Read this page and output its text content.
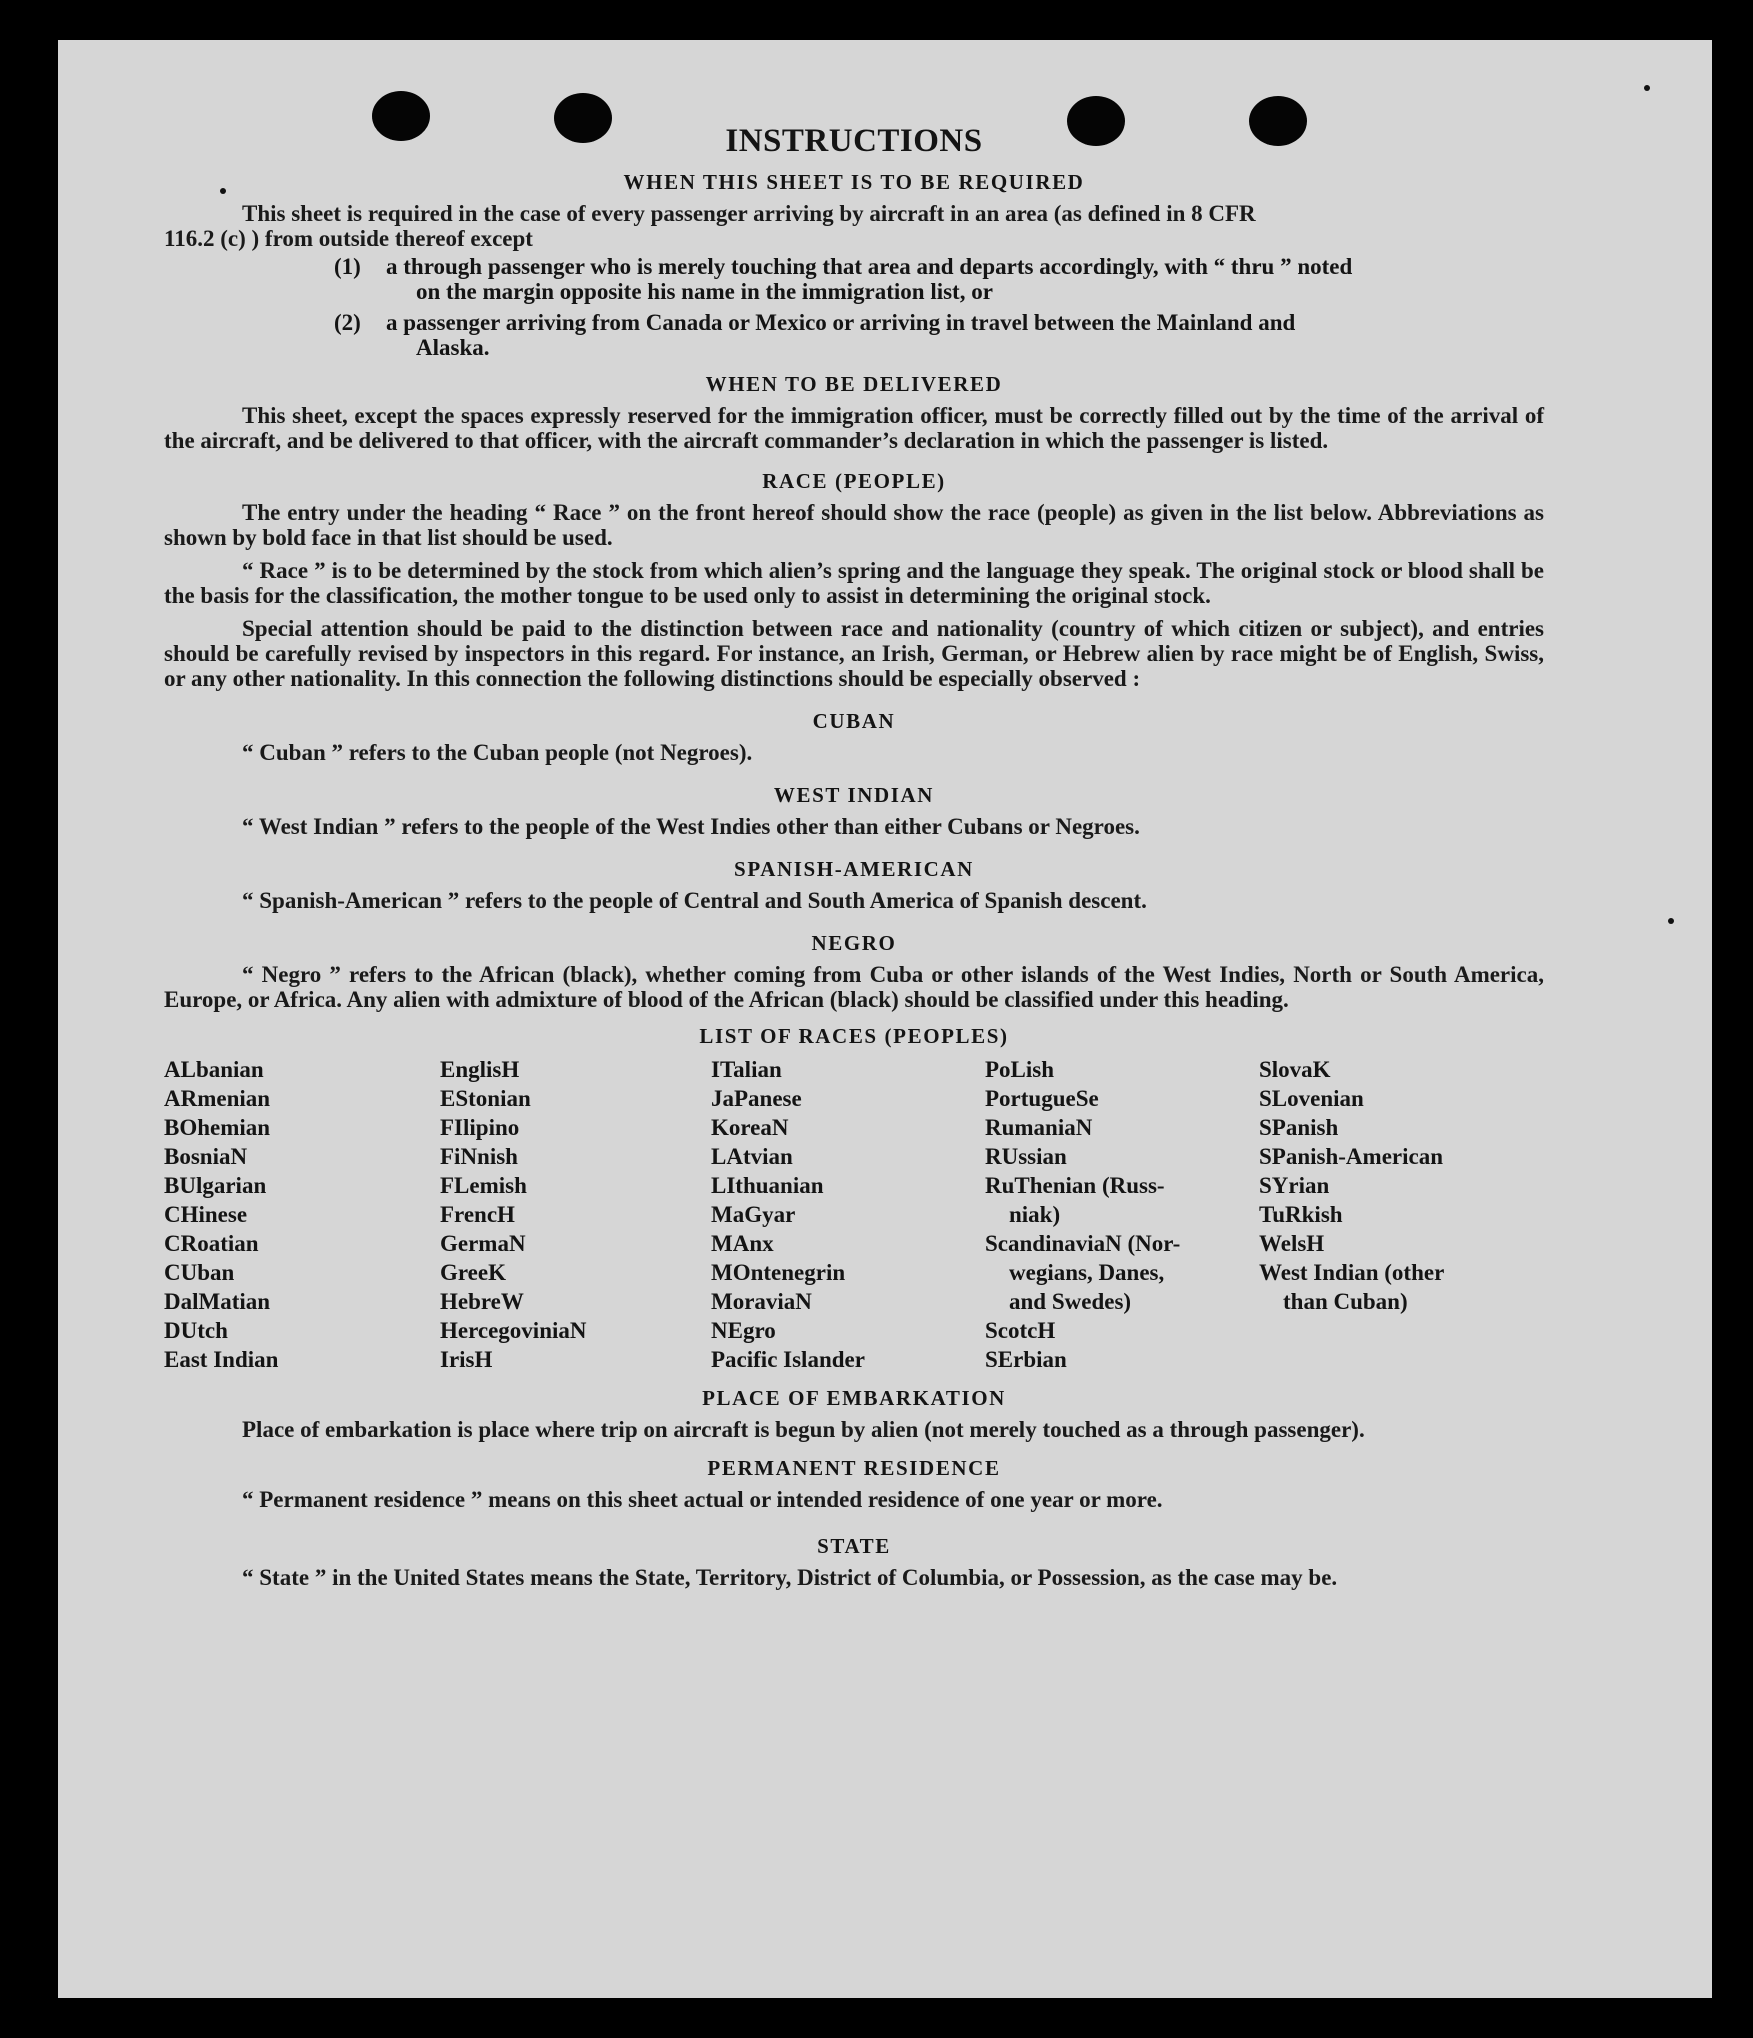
INSTRUCTIONS
WHEN THIS SHEET IS TO BE REQUIRED

This sheet is required in the case of every passenger arriving by aircraft in an area (as defined in 8 CFR

116.2 (c) ) from outside thereof except

(1)	a through passenger who is merely touching that area and departs accordingly, with “ thru ” noted
on the margin opposite his name in the immigration list, or
(2)	a passenger arriving from Canada or Mexico or arriving in travel between the Mainland and
Alaska.
WHEN TO BE DELIVERED

This sheet, except the spaces expressly reserved for the immigration officer, must be correctly filled out by the time of the arrival of the aircraft, and be delivered to that officer, with the aircraft commander’s declaration in which the passenger is listed.

RACE (PEOPLE)

The entry under the heading “ Race ” on the front hereof should show the race (people) as given in the list below. Abbreviations as shown by bold face in that list should be used.

“ Race ” is to be determined by the stock from which alien’s spring and the language they speak. The original stock or blood shall be the basis for the classification, the mother tongue to be used only to assist in determining the original stock.

Special attention should be paid to the distinction between race and nationality (country of which citizen or subject), and entries should be carefully revised by inspectors in this regard. For instance, an Irish, German, or Hebrew alien by race might be of English, Swiss, or any other nationality. In this connection the following distinctions should be especially observed :

CUBAN

“ Cuban ” refers to the Cuban people (not Negroes).

WEST INDIAN

“ West Indian ” refers to the people of the West Indies other than either Cubans or Negroes.

SPANISH-AMERICAN

“ Spanish-American ” refers to the people of Central and South America of Spanish descent.

NEGRO

“ Negro ” refers to the African (black), whether coming from Cuba or other islands of the West Indies, North or South America, Europe, or Africa. Any alien with admixture of blood of the African (black) should be classified under this heading.

LIST OF RACES (PEOPLES)
ALbanian
ARmenian
BOhemian
BosniaN
BUlgarian
CHinese
CRoatian
CUban
DalMatian
DUtch
East Indian
EnglisH
EStonian
FIlipino
FiNnish
FLemish
FrencH
GermaN
GreeK
HebreW
HercegoviniaN
IrisH
ITalian
JaPanese
KoreaN
LAtvian
LIthuanian
MaGyar
MAnx
MOntenegrin
MoraviaN
NEgro
Pacific Islander
PoLish
PortugueSe
RumaniaN
RUssian
RuThenian (Russ-
niak)
ScandinaviaN (Nor-
wegians, Danes,
and Swedes)
ScotcH
SErbian
SlovaK
SLovenian
SPanish
SPanish-American
SYrian
TuRkish
WelsH
West Indian (other
than Cuban)
PLACE OF EMBARKATION

Place of embarkation is place where trip on aircraft is begun by alien (not merely touched as a through passenger).

PERMANENT RESIDENCE

“ Permanent residence ” means on this sheet actual or intended residence of one year or more.

STATE

“ State ” in the United States means the State, Territory, District of Columbia, or Possession, as the case may be.
